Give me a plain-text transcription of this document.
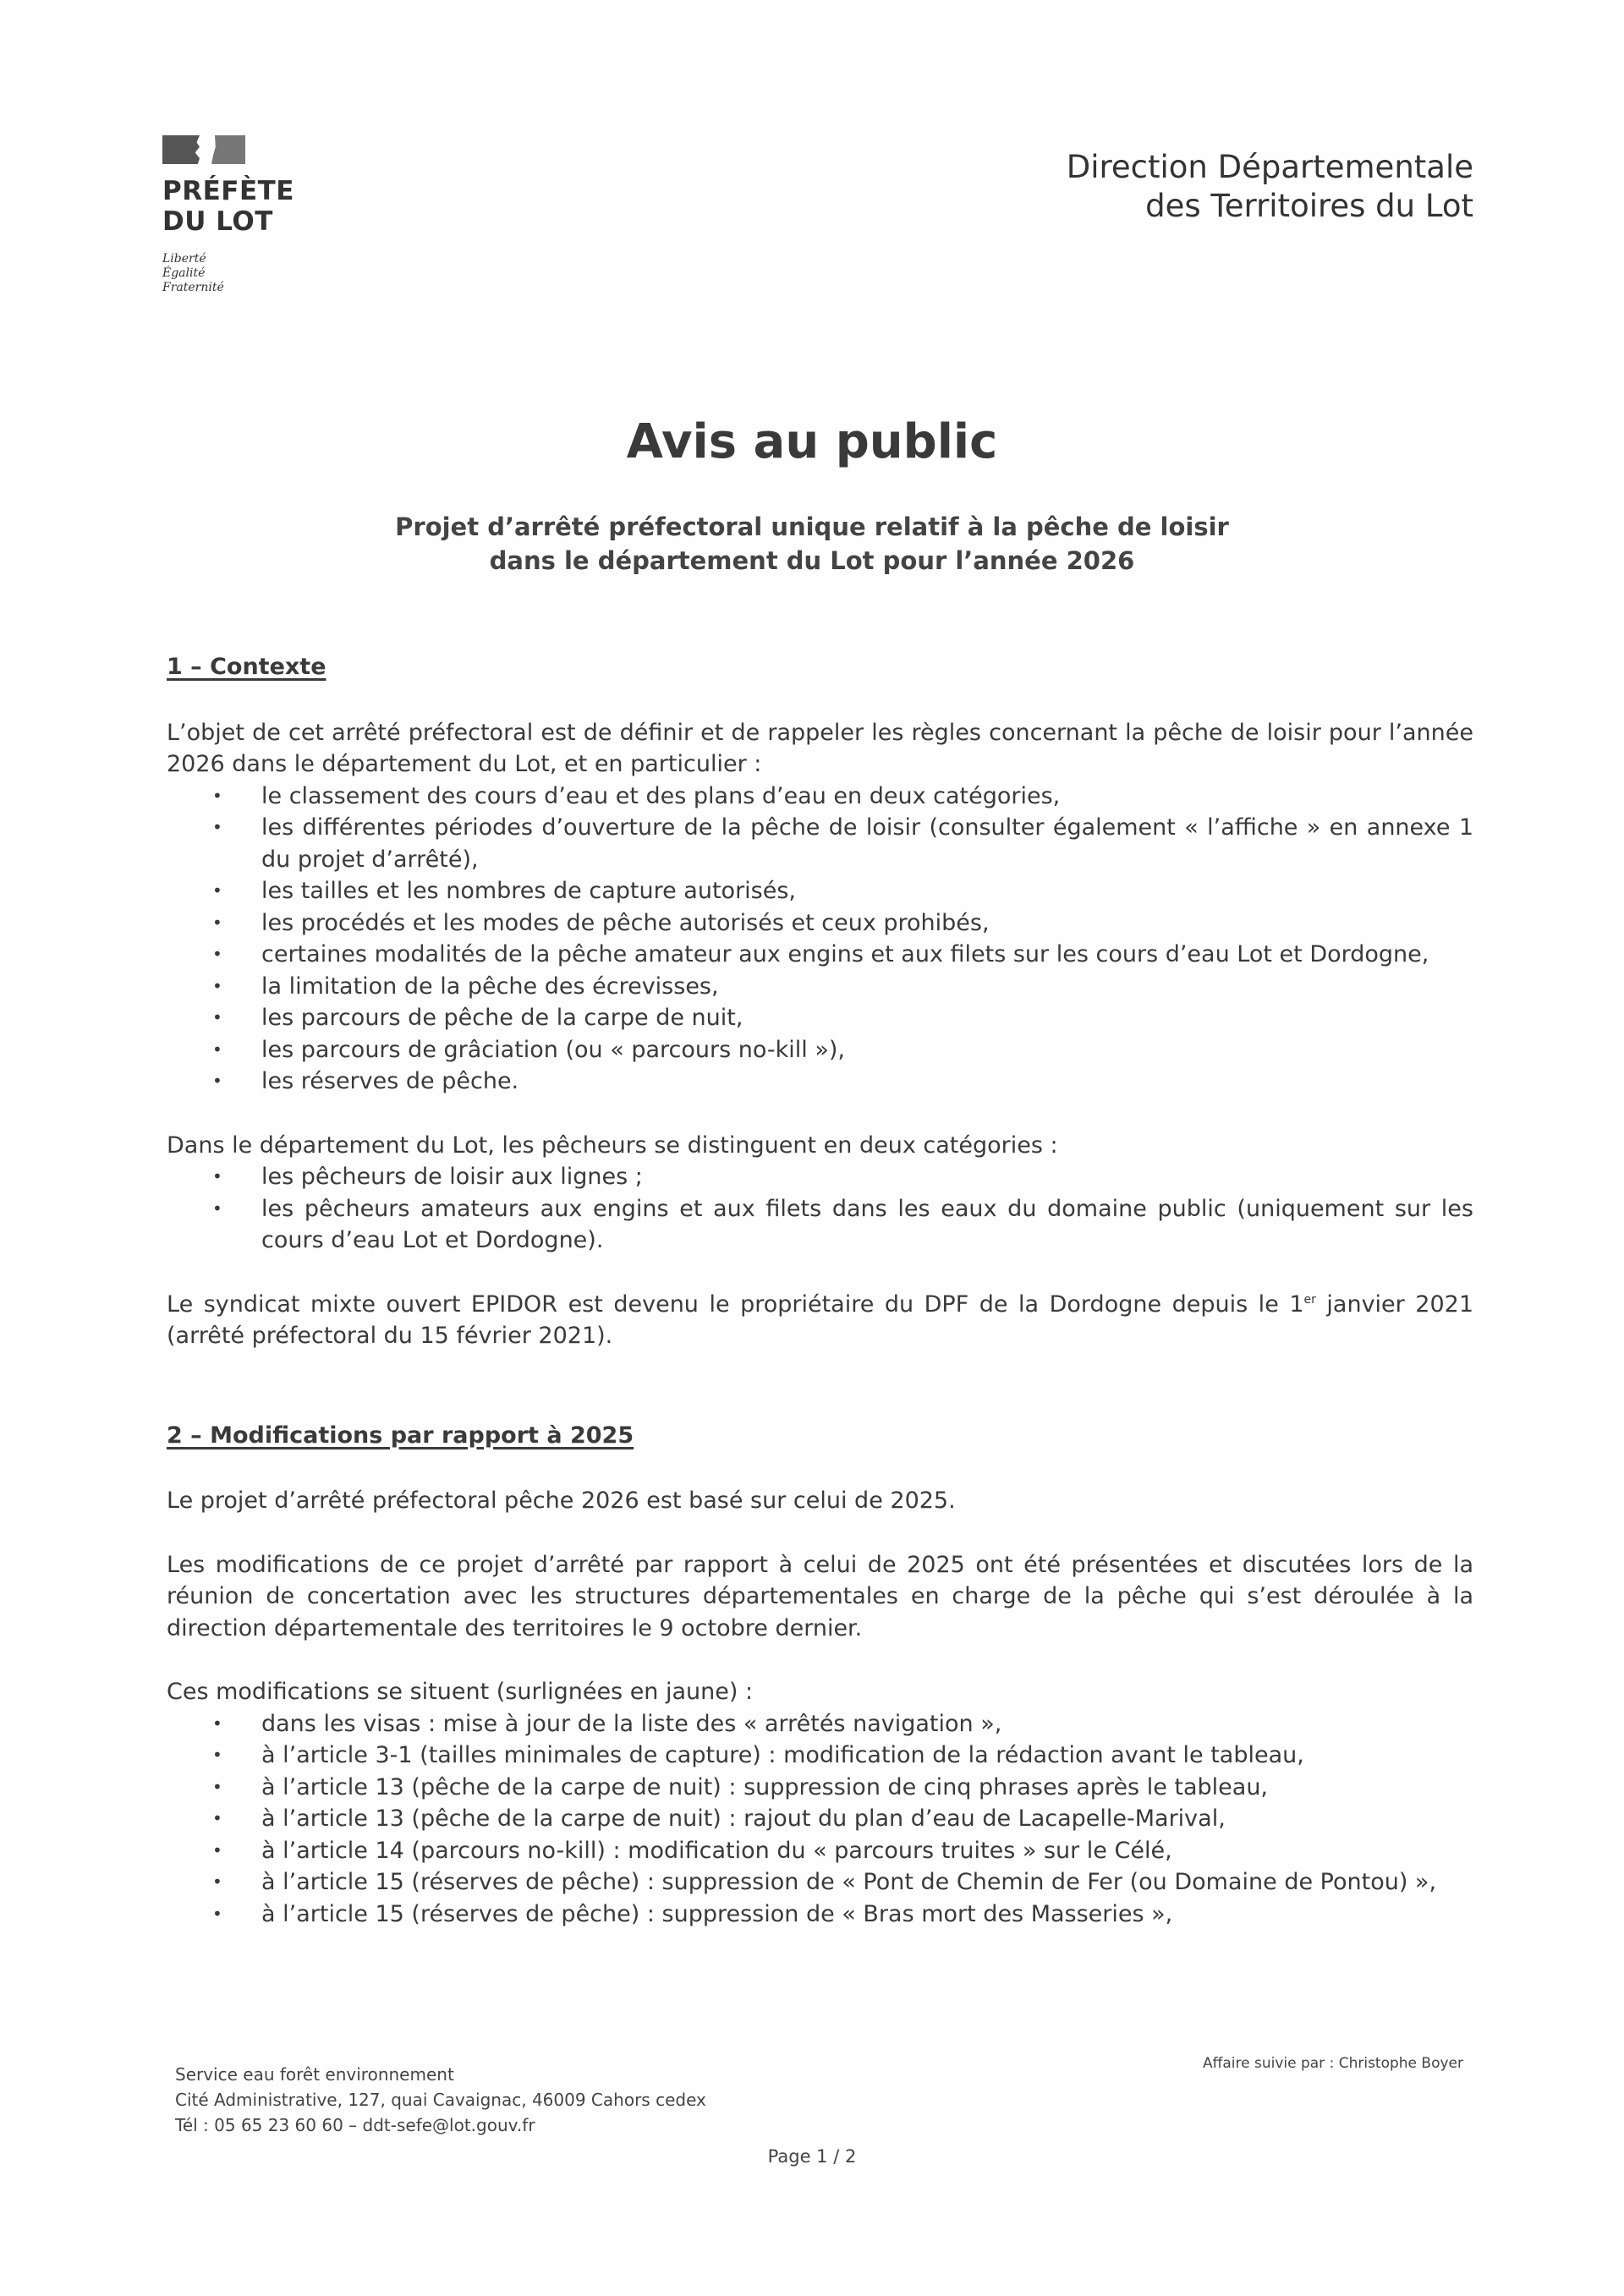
PRÉFÈTE
DU LOT
Liberté
Égalité
Fraternité
Direction Départementale
des Territoires du Lot
Avis au public
Projet d’arrêté préfectoral unique relatif à la pêche de loisir
dans le département du Lot pour l’année 2026
1 – Contexte

L’objet de cet arrêté préfectoral est de définir et de rappeler les règles concernant la pêche de loisir pour l’année 2026 dans le département du Lot, et en particulier :

• le classement des cours d’eau et des plans d’eau en deux catégories,
• les différentes périodes d’ouverture de la pêche de loisir (consulter également « l’affiche » en annexe 1 du projet d’arrêté),
• les tailles et les nombres de capture autorisés,
• les procédés et les modes de pêche autorisés et ceux prohibés,
• certaines modalités de la pêche amateur aux engins et aux filets sur les cours d’eau Lot et Dordogne,
• la limitation de la pêche des écrevisses,
• les parcours de pêche de la carpe de nuit,
• les parcours de grâciation (ou « parcours no-kill »),
• les réserves de pêche.

Dans le département du Lot, les pêcheurs se distinguent en deux catégories :

• les pêcheurs de loisir aux lignes ;
• les pêcheurs amateurs aux engins et aux filets dans les eaux du domaine public (uniquement sur les cours d’eau Lot et Dordogne).

Le syndicat mixte ouvert EPIDOR est devenu le propriétaire du DPF de la Dordogne depuis le 1er janvier 2021 (arrêté préfectoral du 15 février 2021).

2 – Modifications par rapport à 2025

Le projet d’arrêté préfectoral pêche 2026 est basé sur celui de 2025.

Les modifications de ce projet d’arrêté par rapport à celui de 2025 ont été présentées et discutées lors de la réunion de concertation avec les structures départementales en charge de la pêche qui s’est déroulée à la direction départementale des territoires le 9 octobre dernier.

Ces modifications se situent (surlignées en jaune) :

• dans les visas : mise à jour de la liste des « arrêtés navigation »,
• à l’article 3-1 (tailles minimales de capture) : modification de la rédaction avant le tableau,
• à l’article 13 (pêche de la carpe de nuit) : suppression de cinq phrases après le tableau,
• à l’article 13 (pêche de la carpe de nuit) : rajout du plan d’eau de Lacapelle-Marival,
• à l’article 14 (parcours no-kill) : modification du « parcours truites » sur le Célé,
• à l’article 15 (réserves de pêche) : suppression de « Pont de Chemin de Fer (ou Domaine de Pontou) »,
• à l’article 15 (réserves de pêche) : suppression de « Bras mort des Masseries »,
Service eau forêt environnement
Cité Administrative, 127, quai Cavaignac, 46009 Cahors cedex
Tél : 05 65 23 60 60 – ddt-sefe@lot.gouv.fr
Affaire suivie par : Christophe Boyer
Page 1 / 2
